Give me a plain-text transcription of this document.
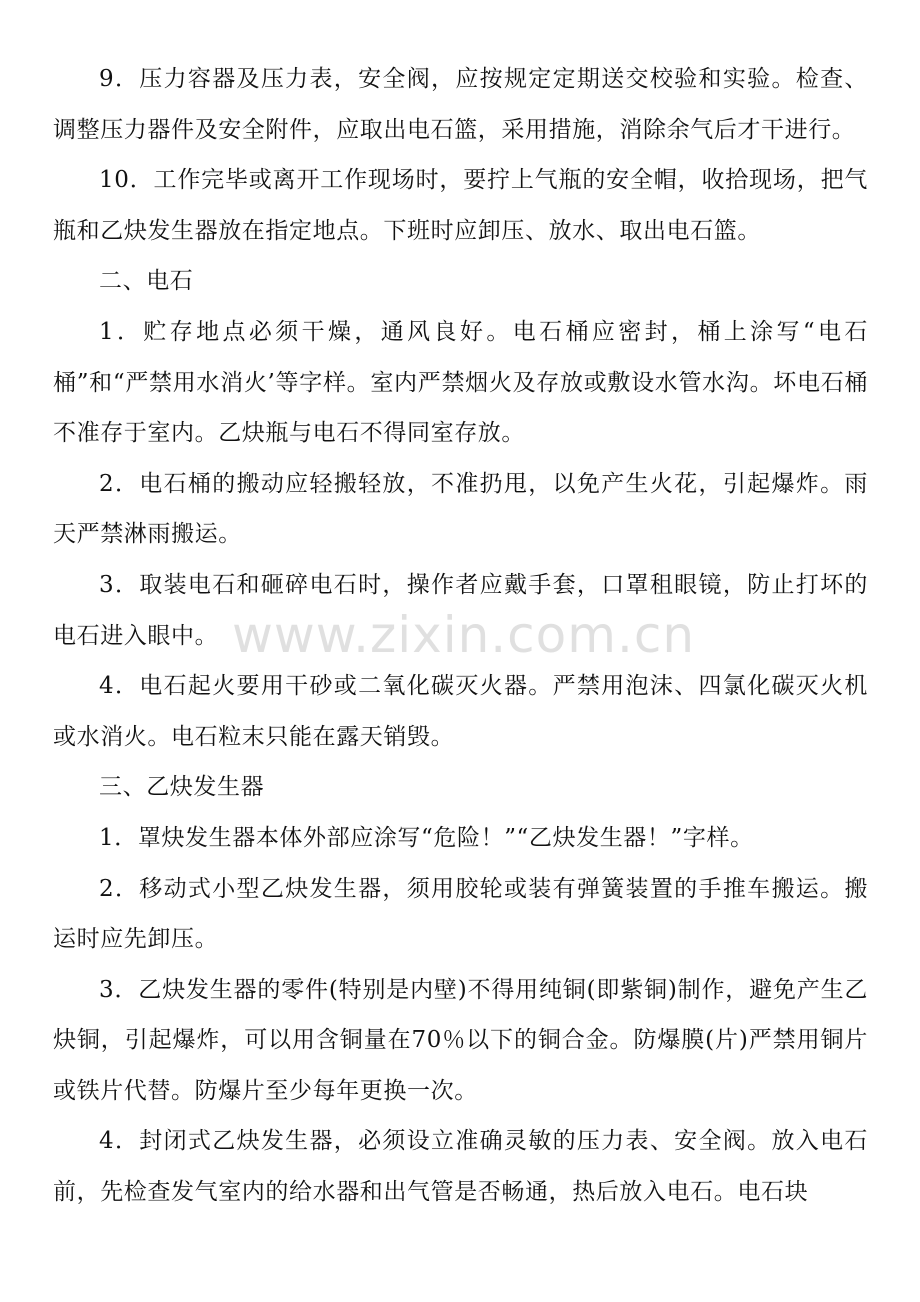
9．压力容器及压力表，安全阀，应按规定定期送交校验和实验。检查、调整压力器件及安全附件，应取出电石篮，采用措施，消除余气后才干进行。

10．工作完毕或离开工作现场时，要拧上气瓶的安全帽，收拾现场，把气瓶和乙炔发生器放在指定地点。下班时应卸压、放水、取出电石篮。

二、电石

1．贮存地点必须干燥，通风良好。电石桶应密封，桶上涂写“电石桶”和“严禁用水消火’等字样。室内严禁烟火及存放或敷设水管水沟。坏电石桶不准存于室内。乙炔瓶与电石不得同室存放。

2．电石桶的搬动应轻搬轻放，不准扔甩，以免产生火花，引起爆炸。雨天严禁淋雨搬运。

3．取装电石和砸碎电石时，操作者应戴手套，口罩租眼镜，防止打坏的电石进入眼中。

4．电石起火要用干砂或二氧化碳灭火器。严禁用泡沫、四氯化碳灭火机或水消火。电石粒末只能在露天销毁。

三、乙炔发生器

1．罩炔发生器本体外部应涂写“危险！”“乙炔发生器！”字样。

2．移动式小型乙炔发生器，须用胶轮或装有弹簧装置的手推车搬运。搬运时应先卸压。

3．乙炔发生器的零件(特别是内壁)不得用纯铜(即紫铜)制作，避免产生乙炔铜，引起爆炸，可以用含铜量在70％以下的铜合金。防爆膜(片)严禁用铜片或铁片代替。防爆片至少每年更换一次。

4．封闭式乙炔发生器，必须设立准确灵敏的压力表、安全阀。放入电石前，先检查发气室内的给水器和出气管是否畅通，热后放入电石。电石块

www.zixin.com.cn
